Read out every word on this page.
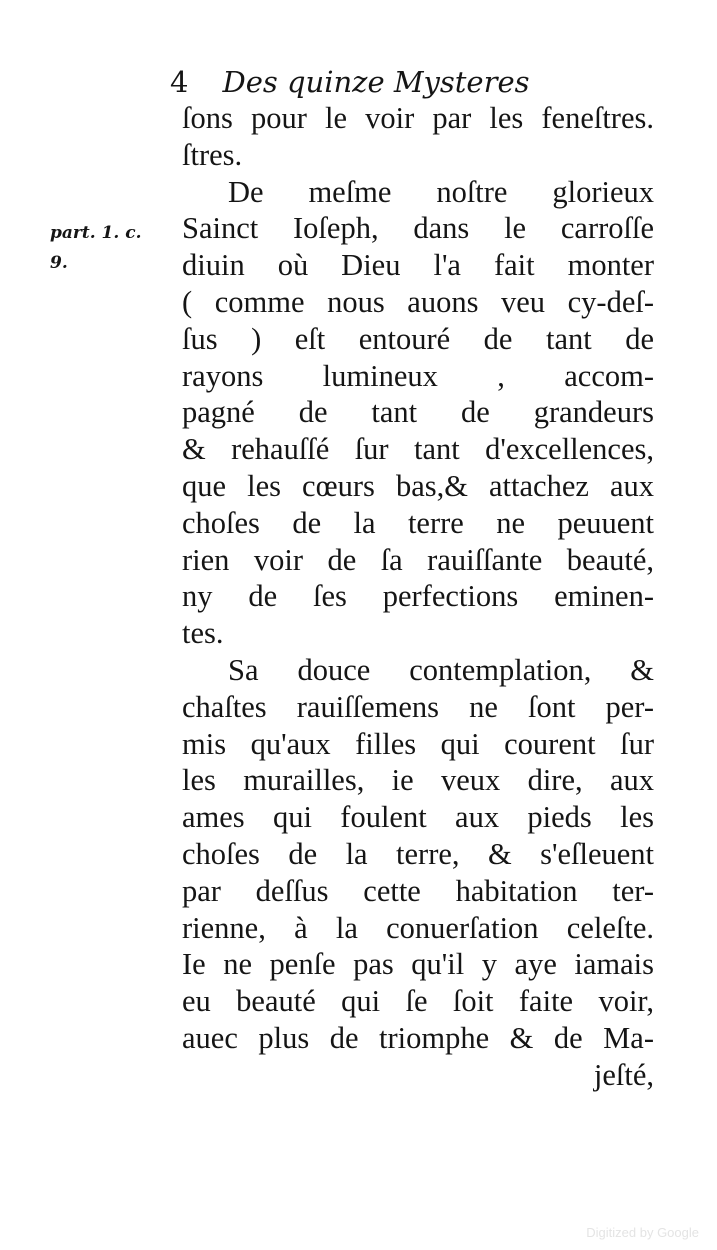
4 Des quinze Mysteres
part. 1. c.
9.
ſons pour le voir par les feneſtres.
ſtres.
De meſme noſtre glorieux
Sainct Ioſeph, dans le carroſſe
diuin où Dieu l'a fait monter
( comme nous auons veu cy-deſ-
ſus ) eſt entouré de tant de
rayons lumineux , accom-
pagné de tant de grandeurs
& rehauſſé ſur tant d'excellences,
que les cœurs bas,& attachez aux
choſes de la terre ne peuuent
rien voir de ſa rauiſſante beauté,
ny de ſes perfections eminen-
tes.
Sa douce contemplation, &
chaſtes rauiſſemens ne ſont per-
mis qu'aux filles qui courent ſur
les murailles, ie veux dire, aux
ames qui foulent aux pieds les
choſes de la terre, & s'eſleuent
par deſſus cette habitation ter-
rienne, à la conuerſation celeſte.
Ie ne penſe pas qu'il y aye iamais
eu beauté qui ſe ſoit faite voir,
auec plus de triomphe & de Ma-
jeſté,
Digitized by Google
